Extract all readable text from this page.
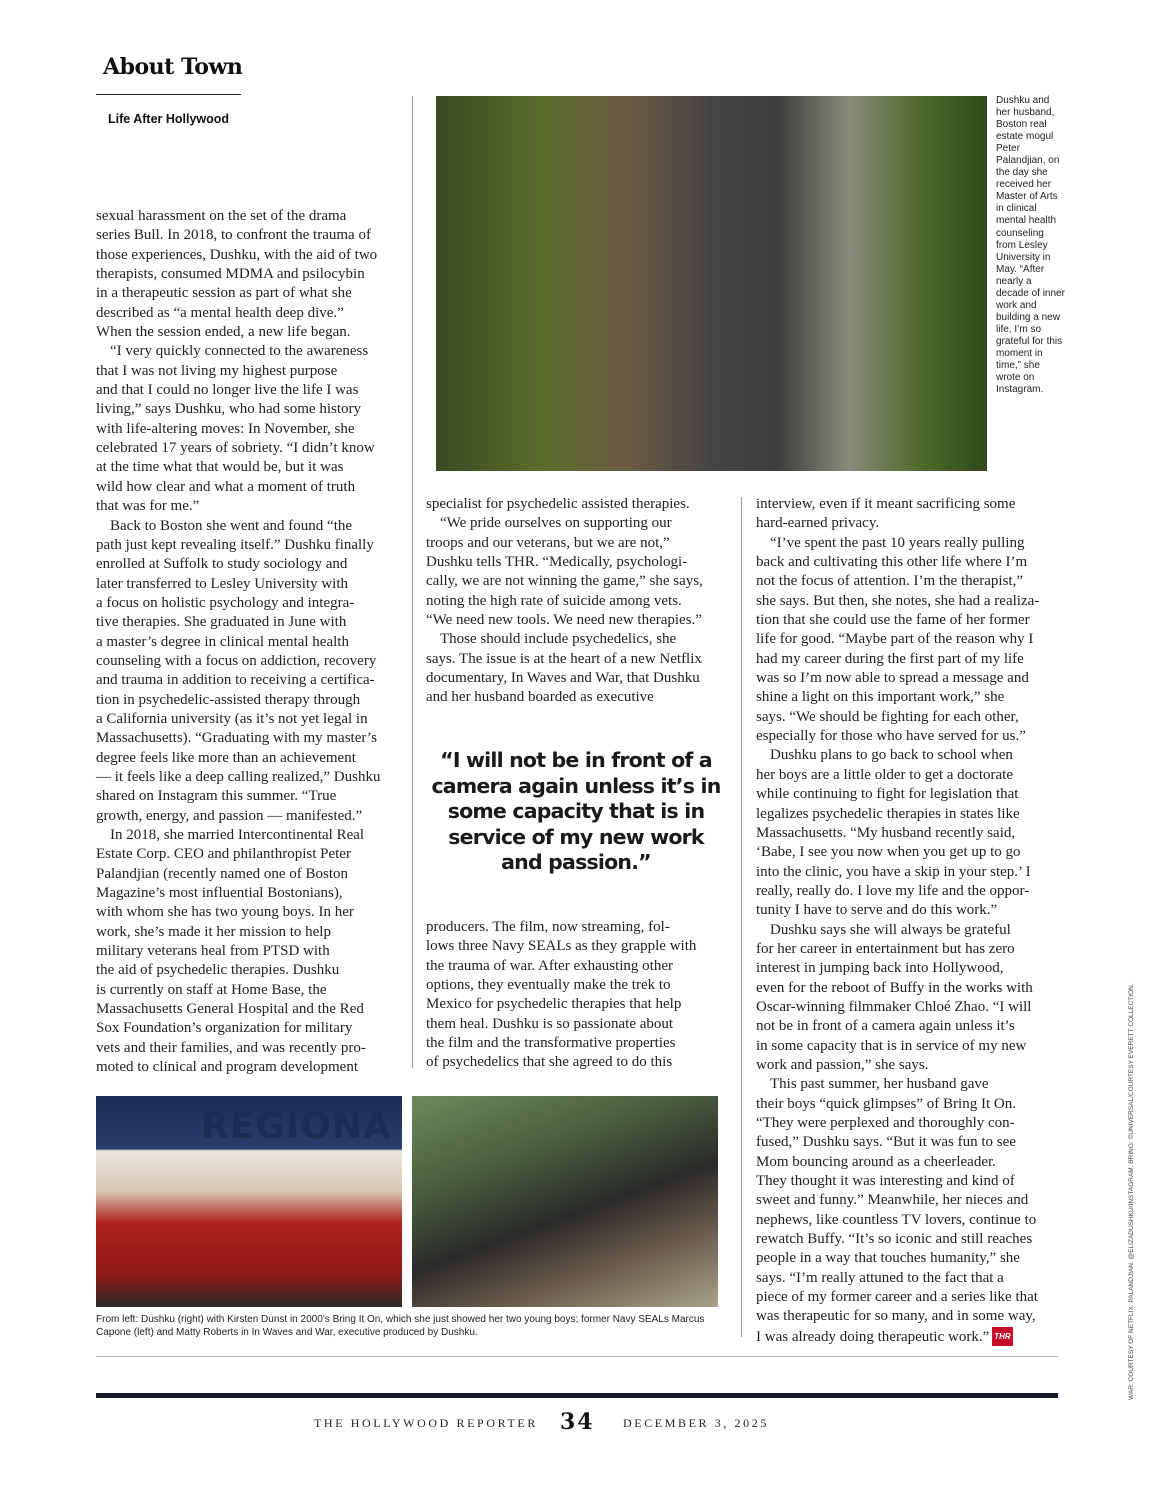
About Town
Life After Hollywood
Dushku and her husband, Boston real estate mogul Peter Palandjian, on the day she received her Master of Arts in clinical mental health counseling from Lesley University in May. “After nearly a decade of inner work and building a new life, I’m so grateful for this moment in time,” she wrote on Instagram.
sexual harassment on the set of the drama
series Bull. In 2018, to confront the trauma of
those experiences, Dushku, with the aid of two
therapists, consumed MDMA and psilocybin
in a therapeutic session as part of what she
described as “a mental health deep dive.”
When the session ended, a new life began.
“I very quickly connected to the awareness
that I was not living my highest purpose
and that I could no longer live the life I was
living,” says Dushku, who had some history
with life-altering moves: In November, she
celebrated 17 years of sobriety. “I didn’t know
at the time what that would be, but it was
wild how clear and what a moment of truth
that was for me.”
Back to Boston she went and found “the
path just kept revealing itself.” Dushku finally
enrolled at Suffolk to study sociology and
later transferred to Lesley University with
a focus on holistic psychology and integra-
tive therapies. She graduated in June with
a master’s degree in clinical mental health
counseling with a focus on addiction, recovery
and trauma in addition to receiving a certifica-
tion in psychedelic-assisted therapy through
a California university (as it’s not yet legal in
Massachusetts). “Graduating with my master’s
degree feels like more than an achievement
— it feels like a deep calling realized,” Dushku
shared on Instagram this summer. “True
growth, energy, and passion — manifested.”
In 2018, she married Intercontinental Real
Estate Corp. CEO and philanthropist Peter
Palandjian (recently named one of Boston
Magazine’s most influential Bostonians),
with whom she has two young boys. In her
work, she’s made it her mission to help
military veterans heal from PTSD with
the aid of psychedelic therapies. Dushku
is currently on staff at Home Base, the
Massachusetts General Hospital and the Red
Sox Foundation’s organization for military
vets and their families, and was recently pro-
moted to clinical and program development
specialist for psychedelic assisted therapies.
“We pride ourselves on supporting our
troops and our veterans, but we are not,”
Dushku tells THR. “Medically, psychologi-
cally, we are not winning the game,” she says,
noting the high rate of suicide among vets.
“We need new tools. We need new therapies.”
Those should include psychedelics, she
says. The issue is at the heart of a new Netflix
documentary, In Waves and War, that Dushku
and her husband boarded as executive
“I will not be in front of a camera again unless it’s in some capacity that is in service of my new work and passion.”
producers. The film, now streaming, fol-
lows three Navy SEALs as they grapple with
the trauma of war. After exhausting other
options, they eventually make the trek to
Mexico for psychedelic therapies that help
them heal. Dushku is so passionate about
the film and the transformative properties
of psychedelics that she agreed to do this
interview, even if it meant sacrificing some
hard-earned privacy.
“I’ve spent the past 10 years really pulling
back and cultivating this other life where I’m
not the focus of attention. I’m the therapist,”
she says. But then, she notes, she had a realiza-
tion that she could use the fame of her former
life for good. “Maybe part of the reason why I
had my career during the first part of my life
was so I’m now able to spread a message and
shine a light on this important work,” she
says. “We should be fighting for each other,
especially for those who have served for us.”
Dushku plans to go back to school when
her boys are a little older to get a doctorate
while continuing to fight for legislation that
legalizes psychedelic therapies in states like
Massachusetts. “My husband recently said,
‘Babe, I see you now when you get up to go
into the clinic, you have a skip in your step.’ I
really, really do. I love my life and the oppor-
tunity I have to serve and do this work.”
Dushku says she will always be grateful
for her career in entertainment but has zero
interest in jumping back into Hollywood,
even for the reboot of Buffy in the works with
Oscar-winning filmmaker Chloé Zhao. “I will
not be in front of a camera again unless it’s
in some capacity that is in service of my new
work and passion,” she says.
This past summer, her husband gave
their boys “quick glimpses” of Bring It On.
“They were perplexed and thoroughly con-
fused,” Dushku says. “But it was fun to see
Mom bouncing around as a cheerleader.
They thought it was interesting and kind of
sweet and funny.” Meanwhile, her nieces and
nephews, like countless TV lovers, continue to
rewatch Buffy. “It’s so iconic and still reaches
people in a way that touches humanity,” she
says. “I’m really attuned to the fact that a
piece of my former career and a series like that
was therapeutic for so many, and in some way,
I was already doing therapeutic work.” THR
REGIONA
From left: Dushku (right) with Kirsten Dunst in 2000’s Bring It On, which she just showed her two young boys; former Navy SEALs Marcus Capone (left) and Matty Roberts in In Waves and War, executive produced by Dushku.
THE HOLLYWOOD REPORTER 34 DECEMBER 3, 2025
WAR: COURTESY OF NETFLIX. PALANDJIAN: @ELIZADUSHKU/INSTAGRAM. BRING: ©UNIVERSAL/COURTESY EVERETT COLLECTION.
